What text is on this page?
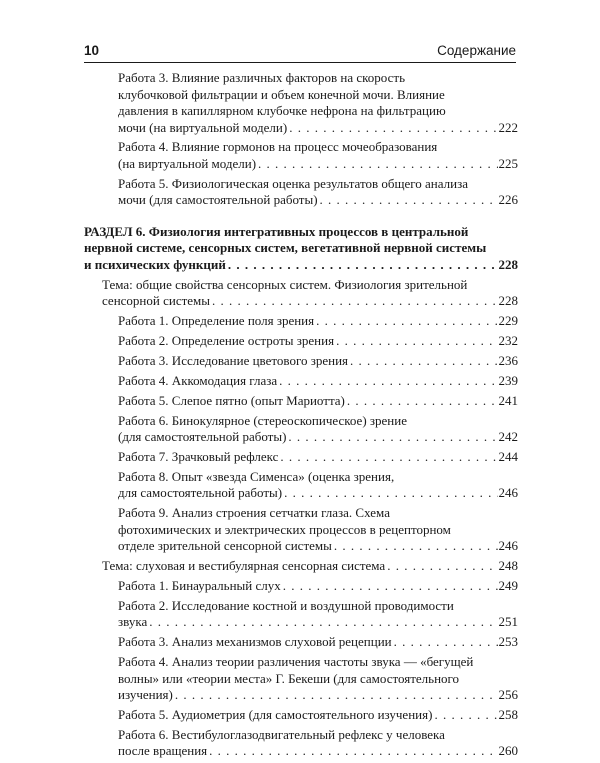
10	Содержание
Работа 3. Влияние различных факторов на скорость
клубочковой фильтрации и объем конечной мочи. Влияние
давления в капиллярном клубочке нефрона на фильтрацию
мочи (на виртуальной модели) . . .	222
Работа 4. Влияние гормонов на процесс мочеобразования
(на виртуальной модели) . . .	225
Работа 5. Физиологическая оценка результатов общего анализа
мочи (для самостоятельной работы) . . .	226
РАЗДЕЛ 6. Физиология интегративных процессов в центральной
нервной системе, сенсорных систем, вегетативной нервной системы
и психических функций . . .	228
Тема: общие свойства сенсорных систем. Физиология зрительной
сенсорной системы . . .	228
Работа 1. Определение поля зрения . . .	229
Работа 2. Определение остроты зрения . . .	232
Работа 3. Исследование цветового зрения . . .	236
Работа 4. Аккомодация глаза . . .	239
Работа 5. Слепое пятно (опыт Мариотта) . . .	241
Работа 6. Бинокулярное (стереоскопическое) зрение
(для самостоятельной работы) . . .	242
Работа 7. Зрачковый рефлекс . . .	244
Работа 8. Опыт «звезда Сименса» (оценка зрения,
для самостоятельной работы) . . .	246
Работа 9. Анализ строения сетчатки глаза. Схема
фотохимических и электрических процессов в рецепторном
отделе зрительной сенсорной системы . . .	246
Тема: слуховая и вестибулярная сенсорная система . . .	248
Работа 1. Бинауральный слух . . .	249
Работа 2. Исследование костной и воздушной проводимости
звука . . .	251
Работа 3. Анализ механизмов слуховой рецепции . . .	253
Работа 4. Анализ теории различения частоты звука — «бегущей
волны» или «теории места» Г. Бекеши (для самостоятельного
изучения) . . .	256
Работа 5. Аудиометрия (для самостоятельного изучения) . . .	258
Работа 6. Вестибулоглазодвигательный рефлекс у человека
после вращения . . .	260
